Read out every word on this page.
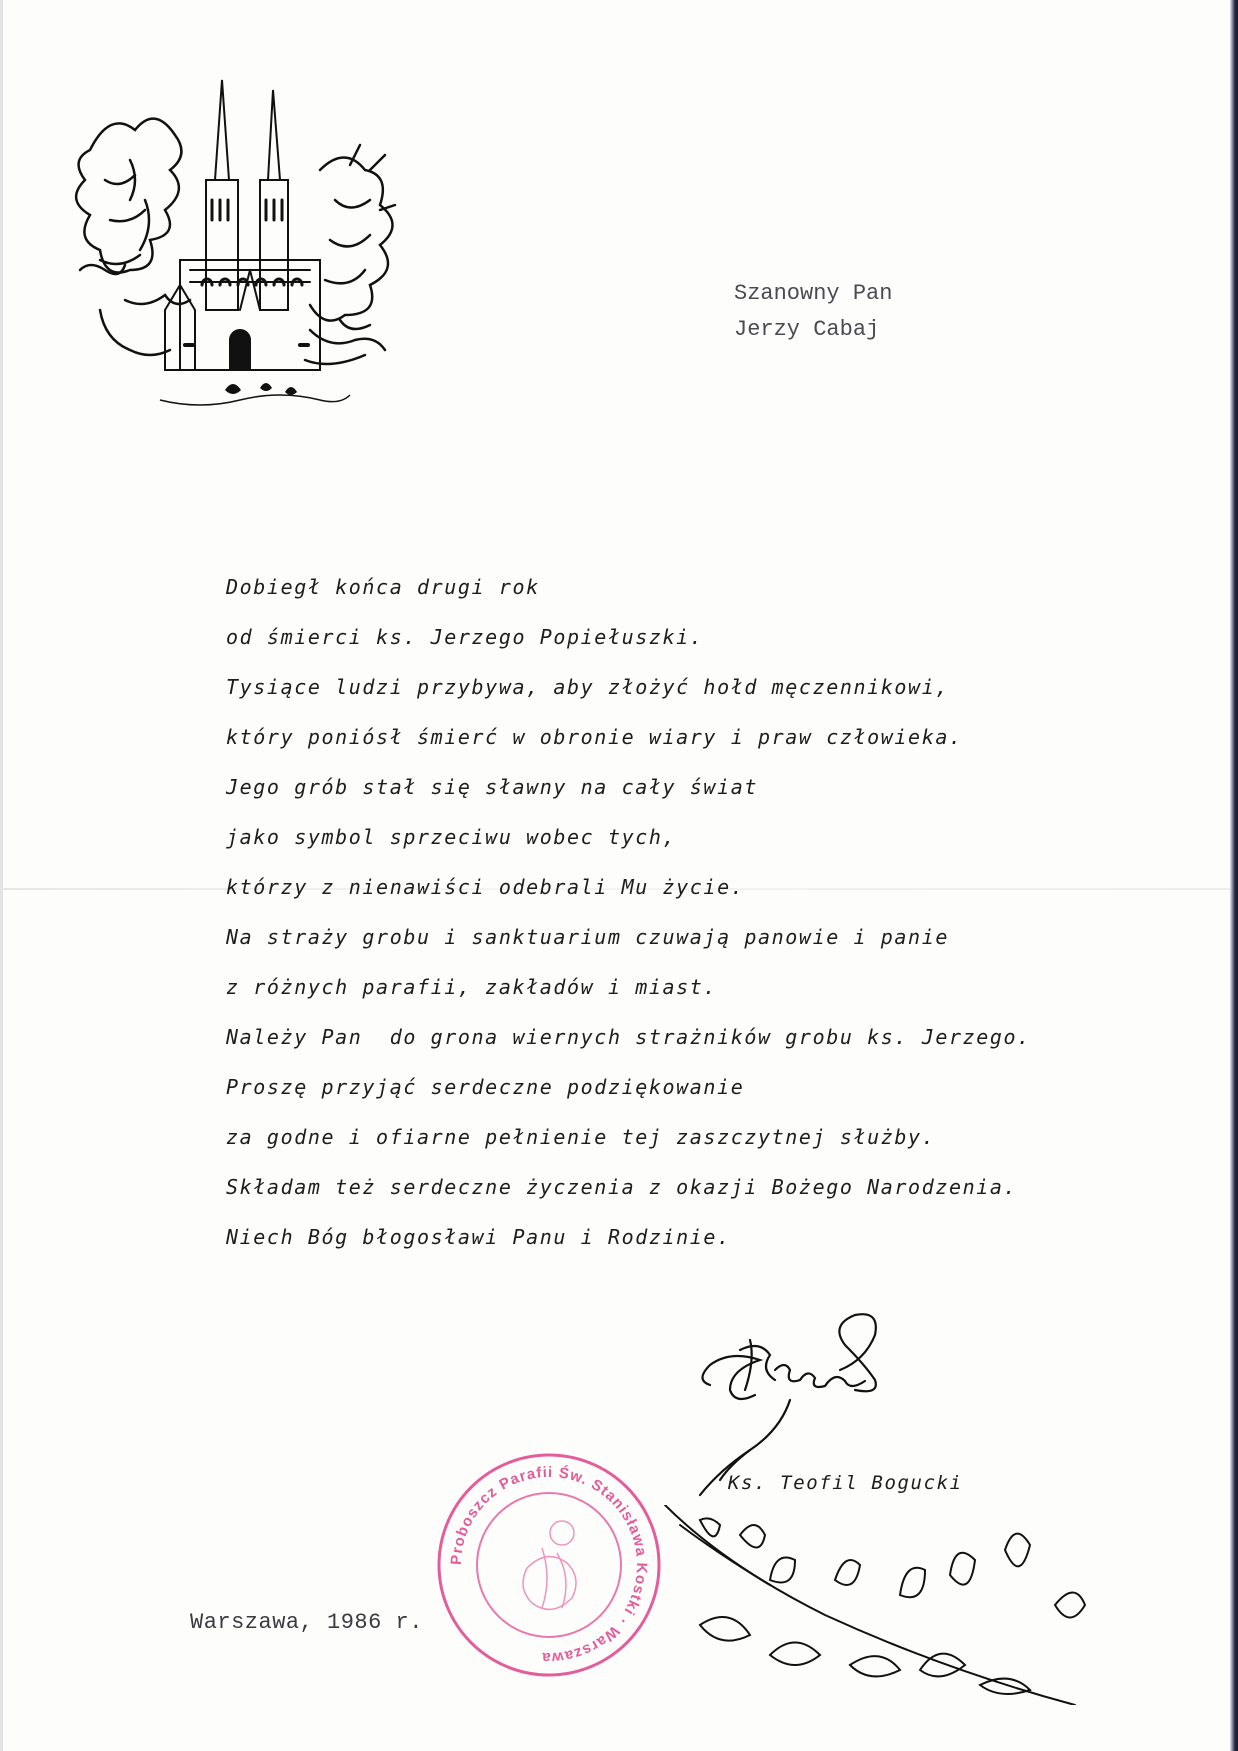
Szanowny Pan
Jerzy Cabaj
Dobiegł końca drugi rok
od śmierci ks. Jerzego Popiełuszki.
Tysiące ludzi przybywa, aby złożyć hołd męczennikowi,
który poniósł śmierć w obronie wiary i praw człowieka.
Jego grób stał się sławny na cały świat
jako symbol sprzeciwu wobec tych,
którzy z nienawiści odebrali Mu życie.
Na straży grobu i sanktuarium czuwają panowie i panie
z różnych parafii, zakładów i miast.
Należy Pan  do grona wiernych strażników grobu ks. Jerzego.
Proszę przyjąć serdeczne podziękowanie
za godne i ofiarne pełnienie tej zaszczytnej służby.
Składam też serdeczne życzenia z okazji Bożego Narodzenia.
Niech Bóg błogosławi Panu i Rodzinie.
Proboszcz Parafii Św. Stanisława Kostki · Warszawa
Ks. Teofil Bogucki
Warszawa, 1986 r.
